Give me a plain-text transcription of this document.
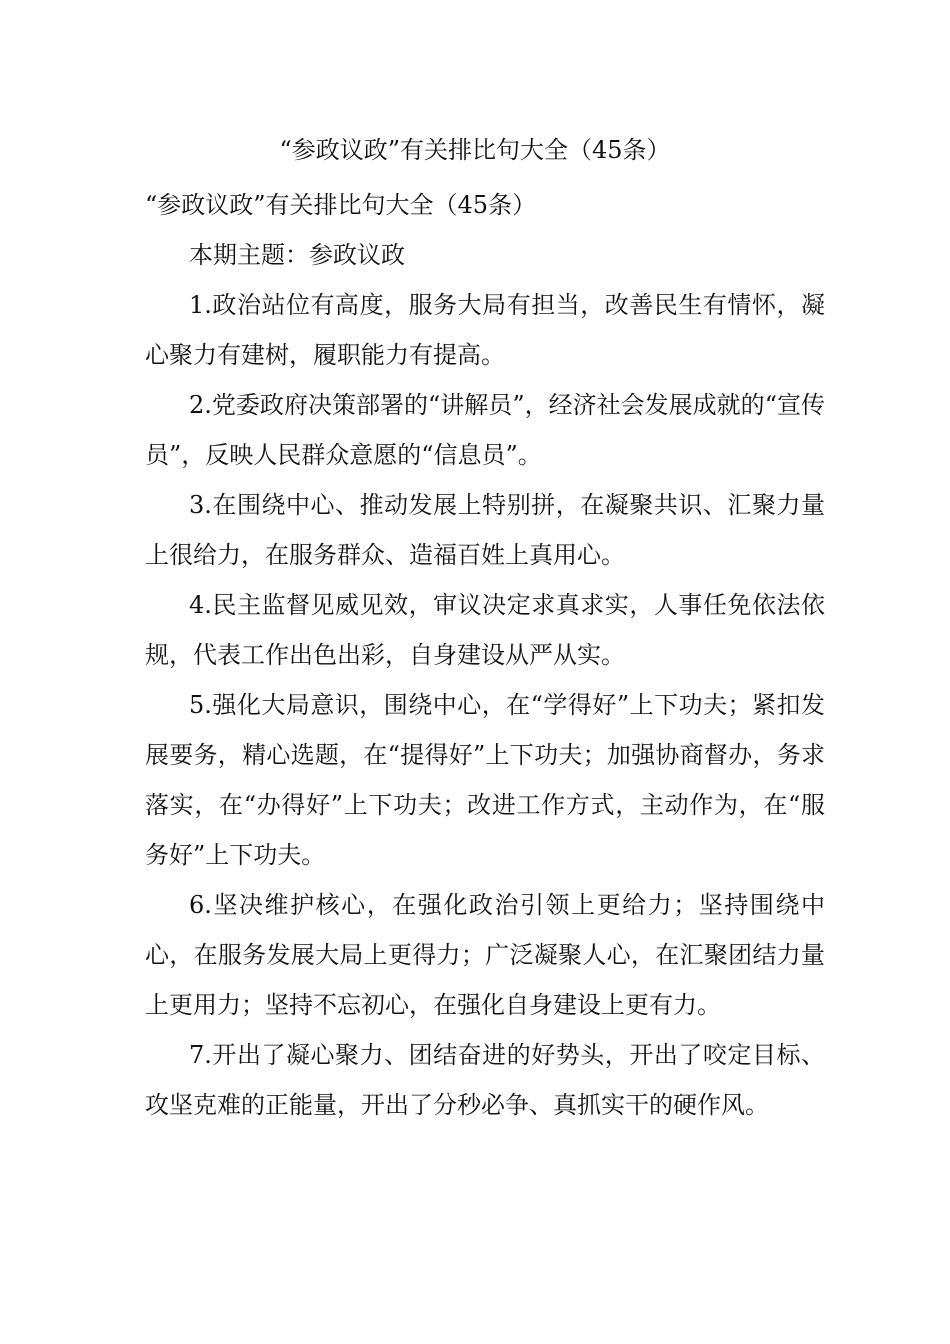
“参政议政”有关排比句大全（45条）

“参政议政”有关排比句大全（45条）

本期主题：参政议政

1.政治站位有高度，服务大局有担当，改善民生有情怀，凝心聚力有建树，履职能力有提高。

2.党委政府决策部署的“讲解员”，经济社会发展成就的“宣传员”，反映人民群众意愿的“信息员”。

3.在围绕中心、推动发展上特别拼，在凝聚共识、汇聚力量上很给力，在服务群众、造福百姓上真用心。

4.民主监督见威见效，审议决定求真求实，人事任免依法依规，代表工作出色出彩，自身建设从严从实。

5.强化大局意识，围绕中心，在“学得好”上下功夫；紧扣发展要务，精心选题，在“提得好”上下功夫；加强协商督办，务求落实，在“办得好”上下功夫；改进工作方式，主动作为，在“服务好”上下功夫。

6.坚决维护核心，在强化政治引领上更给力；坚持围绕中心，在服务发展大局上更得力；广泛凝聚人心，在汇聚团结力量上更用力；坚持不忘初心，在强化自身建设上更有力。

7.开出了凝心聚力、团结奋进的好势头，开出了咬定目标、攻坚克难的正能量，开出了分秒必争、真抓实干的硬作风。
